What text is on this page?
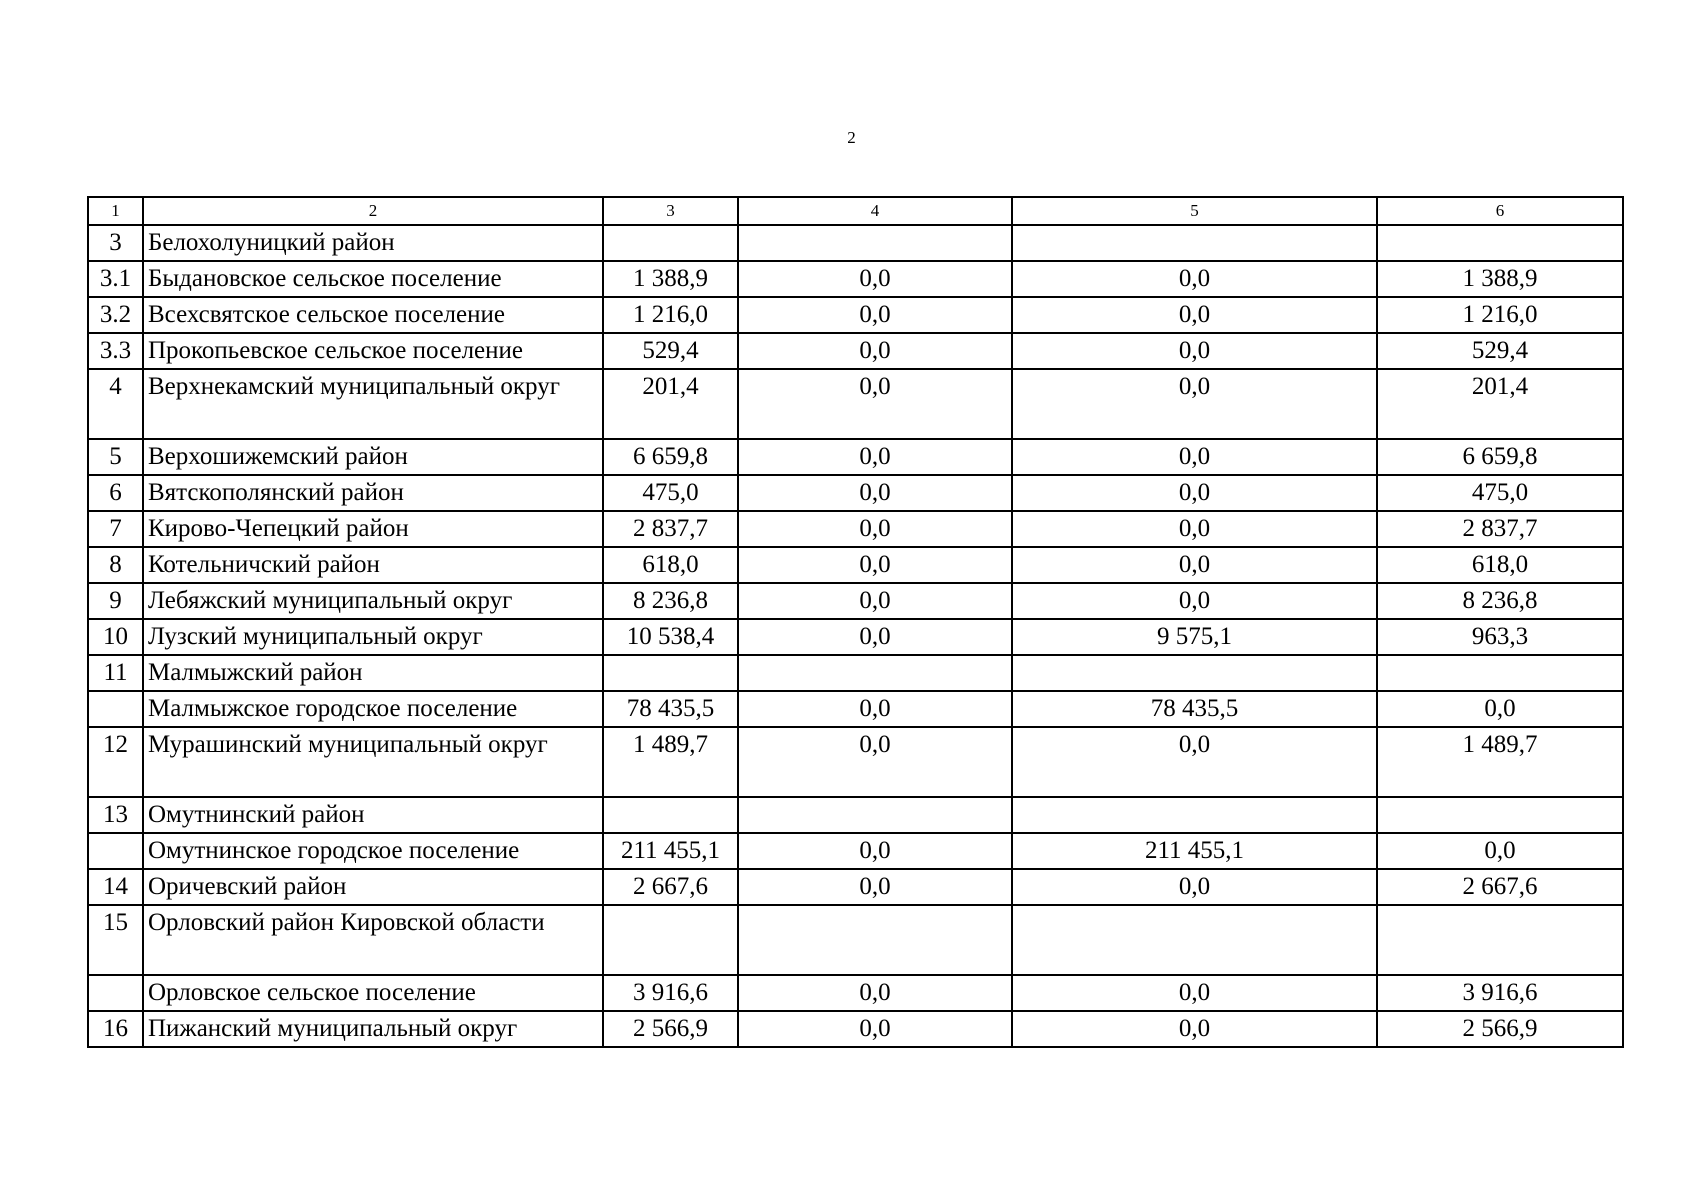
2
1	2	3	4	5	6
3	Белохолуницкий район				
3.1	Быдановское сельское поселение	1 388,9	0,0	0,0	1 388,9
3.2	Всехсвятское сельское поселение	1 216,0	0,0	0,0	1 216,0
3.3	Прокопьевское сельское поселение	529,4	0,0	0,0	529,4
4	Верхнекамский муниципальный округ	201,4	0,0	0,0	201,4
5	Верхошижемский район	6 659,8	0,0	0,0	6 659,8
6	Вятскополянский район	475,0	0,0	0,0	475,0
7	Кирово-Чепецкий район	2 837,7	0,0	0,0	2 837,7
8	Котельничский район	618,0	0,0	0,0	618,0
9	Лебяжский муниципальный округ	8 236,8	0,0	0,0	8 236,8
10	Лузский муниципальный округ	10 538,4	0,0	9 575,1	963,3
11	Малмыжский район				
	Малмыжское городское поселение	78 435,5	0,0	78 435,5	0,0
12	Мурашинский муниципальный округ	1 489,7	0,0	0,0	1 489,7
13	Омутнинский район				
	Омутнинское городское поселение	211 455,1	0,0	211 455,1	0,0
14	Оричевский район	2 667,6	0,0	0,0	2 667,6
15	Орловский район Кировской области				
	Орловское сельское поселение	3 916,6	0,0	0,0	3 916,6
16	Пижанский муниципальный округ	2 566,9	0,0	0,0	2 566,9
